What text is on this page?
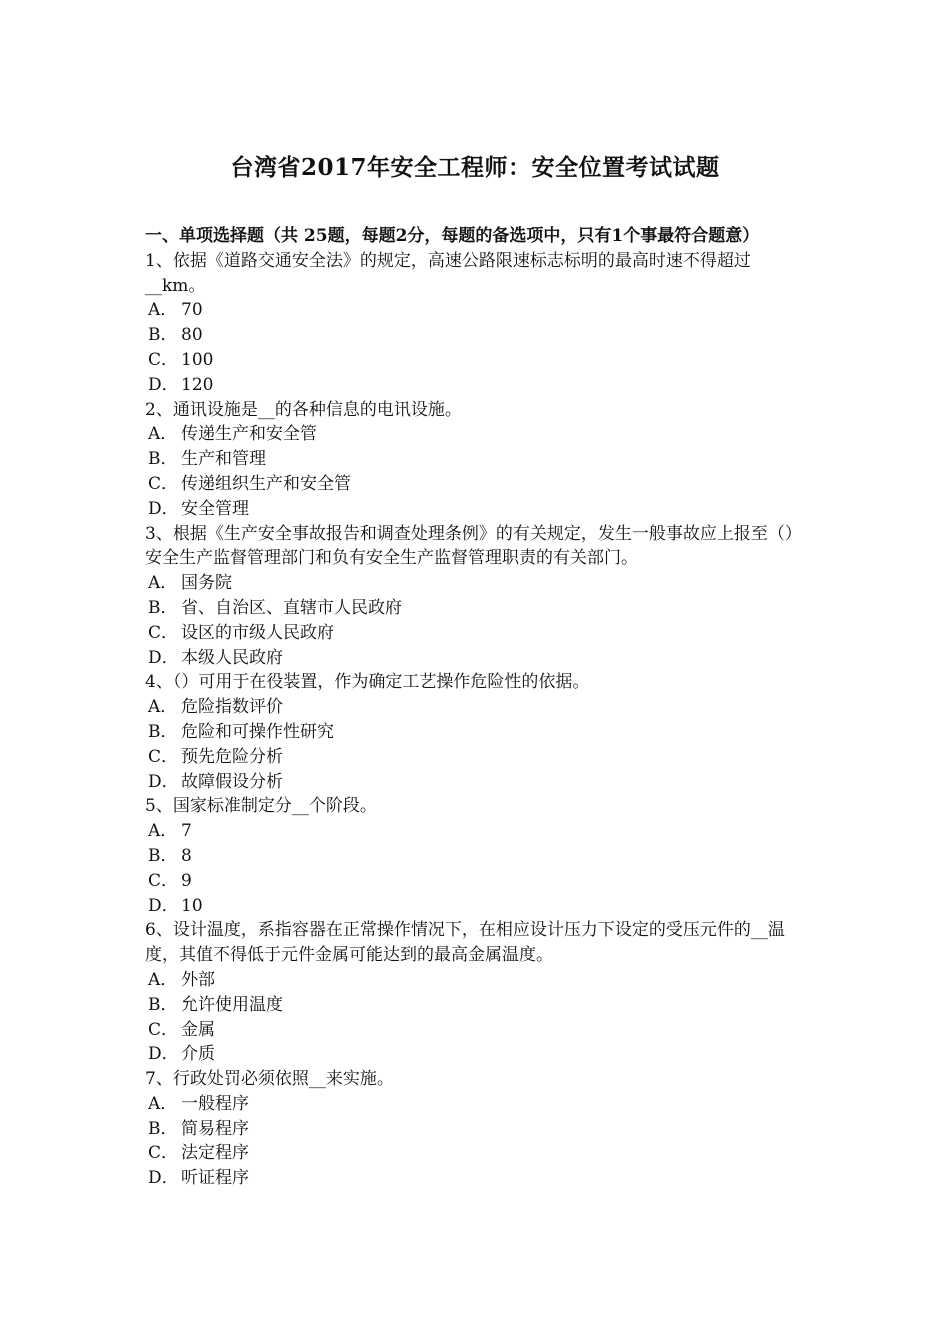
台湾省2017年安全工程师：安全位置考试试题

一、单项选择题（共 25题，每题2分，每题的备选项中，只有1个事最符合题意）

1、依据《道路交通安全法》的规定，高速公路限速标志标明的最高时速不得超过__km。

A． 70

B． 80

C． 100

D． 120

2、通讯设施是__的各种信息的电讯设施。

A． 传递生产和安全管

B． 生产和管理

C． 传递组织生产和安全管

D． 安全管理

3、根据《生产安全事故报告和调查处理条例》的有关规定，发生一般事故应上报至（）安全生产监督管理部门和负有安全生产监督管理职责的有关部门。

A． 国务院

B． 省、自治区、直辖市人民政府

C． 设区的市级人民政府

D． 本级人民政府

4、（）可用于在役装置，作为确定工艺操作危险性的依据。

A． 危险指数评价

B． 危险和可操作性研究

C． 预先危险分析

D． 故障假设分析

5、国家标准制定分__个阶段。

A． 7

B． 8

C． 9

D． 10

6、设计温度，系指容器在正常操作情况下，在相应设计压力下设定的受压元件的__温度，其值不得低于元件金属可能达到的最高金属温度。

A． 外部

B． 允许使用温度

C． 金属

D． 介质

7、行政处罚必须依照__来实施。

A． 一般程序

B． 简易程序

C． 法定程序

D． 听证程序
